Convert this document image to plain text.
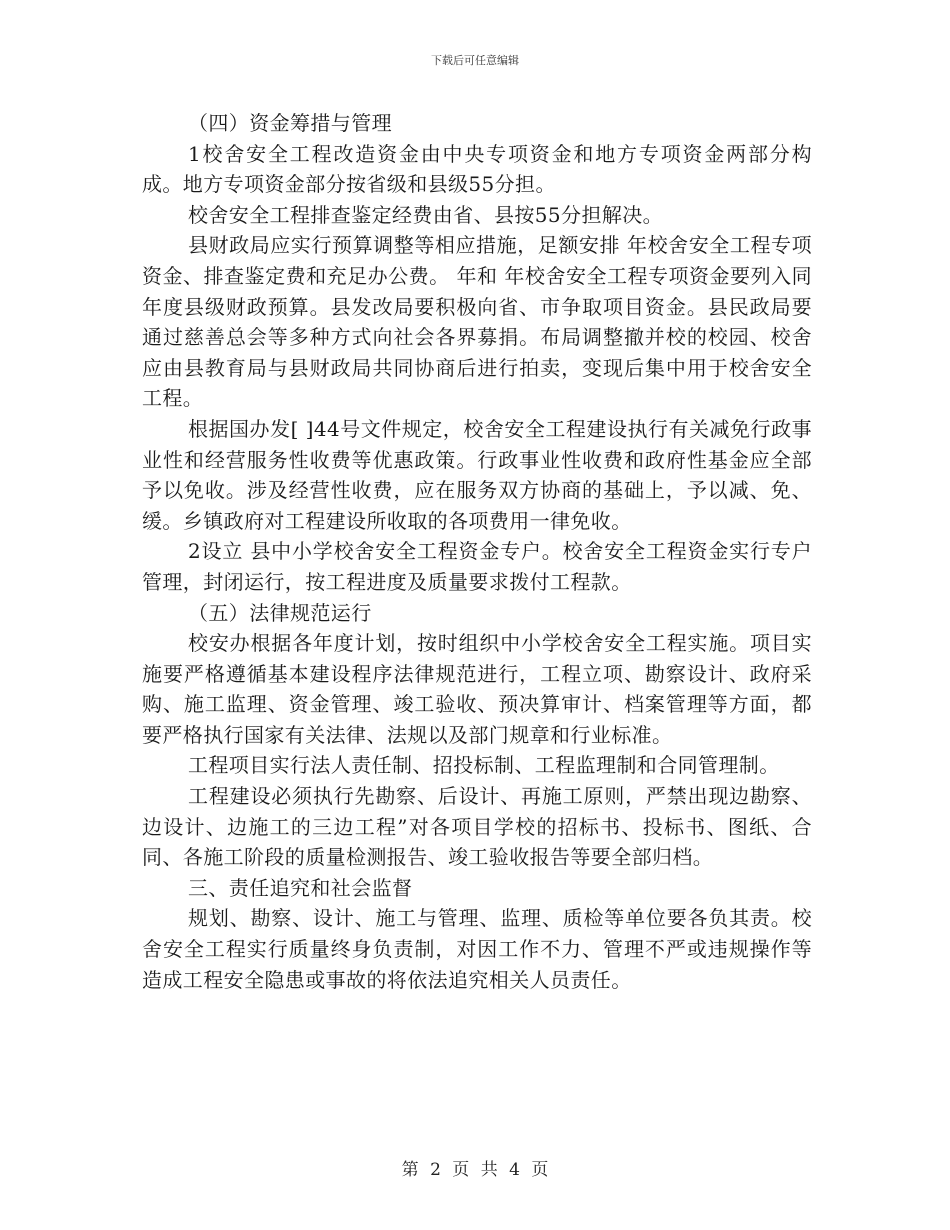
下载后可任意编辑

（四）资金筹措与管理

1校舍安全工程改造资金由中央专项资金和地方专项资金两部分构成。地方专项资金部分按省级和县级55分担。

校舍安全工程排查鉴定经费由省、县按55分担解决。

县财政局应实行预算调整等相应措施，足额安排 年校舍安全工程专项资金、排查鉴定费和充足办公费。 年和 年校舍安全工程专项资金要列入同年度县级财政预算。县发改局要积极向省、市争取项目资金。县民政局要通过慈善总会等多种方式向社会各界募捐。布局调整撤并校的校园、校舍应由县教育局与县财政局共同协商后进行拍卖，变现后集中用于校舍安全工程。

根据国办发[ ]44号文件规定，校舍安全工程建设执行有关减免行政事业性和经营服务性收费等优惠政策。行政事业性收费和政府性基金应全部予以免收。涉及经营性收费，应在服务双方协商的基础上，予以减、免、缓。乡镇政府对工程建设所收取的各项费用一律免收。

2设立 县中小学校舍安全工程资金专户。校舍安全工程资金实行专户管理，封闭运行，按工程进度及质量要求拨付工程款。

（五）法律规范运行

校安办根据各年度计划，按时组织中小学校舍安全工程实施。项目实施要严格遵循基本建设程序法律规范进行，工程立项、勘察设计、政府采购、施工监理、资金管理、竣工验收、预决算审计、档案管理等方面，都要严格执行国家有关法律、法规以及部门规章和行业标准。

工程项目实行法人责任制、招投标制、工程监理制和合同管理制。

工程建设必须执行先勘察、后设计、再施工原则，严禁出现边勘察、边设计、边施工的三边工程”对各项目学校的招标书、投标书、图纸、合同、各施工阶段的质量检测报告、竣工验收报告等要全部归档。

三、责任追究和社会监督

规划、勘察、设计、施工与管理、监理、质检等单位要各负其责。校舍安全工程实行质量终身负责制，对因工作不力、管理不严或违规操作等造成工程安全隐患或事故的将依法追究相关人员责任。

第 2 页 共 4 页
